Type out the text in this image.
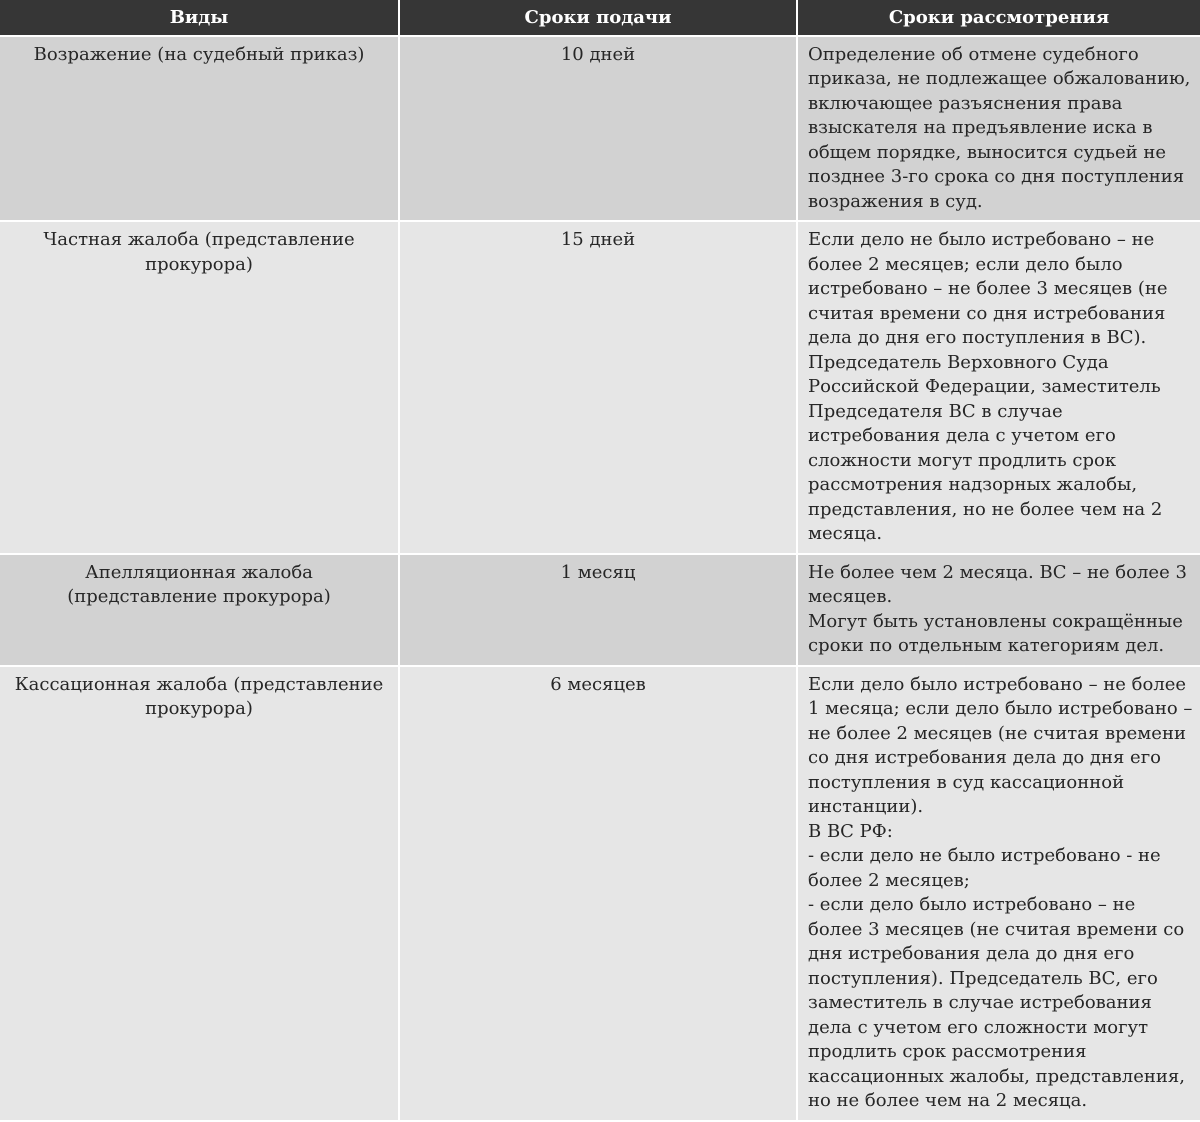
Виды	Сроки подачи	Сроки рассмотрения
Возражение (на судебный приказ)	10 дней	Определение об отмене судебного приказа, не подлежащее обжалованию, включающее разъяснения права взыскателя на предъявление иска в общем порядке, выносится судьей не позднее 3-го срока со дня поступления возражения в суд.

Частная жалоба (представление прокурора)	15 дней	Если дело не было истребовано – не более 2 месяцев; если дело было истребовано – не более 3 месяцев (не считая времени со дня истребования дела до дня его поступления в ВС).
Председатель Верховного Суда Российской Федерации, заместитель Председателя ВС в случае истребования дела с учетом его сложности могут продлить срок рассмотрения надзорных жалобы, представления, но не более чем на 2 месяца.

Апелляционная жалоба (представление прокурора)	1 месяц	Не более чем 2 месяца. ВС – не более 3 месяцев.
Могут быть установлены сокращённые сроки по отдельным категориям дел.

Кассационная жалоба (представление прокурора)	6 месяцев	Если дело было истребовано – не более 1 месяца; если дело было истребовано – не более 2 месяцев (не считая времени со дня истребования дела до дня его поступления в суд кассационной инстанции).
В ВС РФ:
- если дело не было истребовано - не более 2 месяцев;
- если дело было истребовано – не более 3 месяцев (не считая времени со дня истребования дела до дня его поступления). Председатель ВС, его заместитель в случае истребования дела с учетом его сложности могут продлить срок рассмотрения кассационных жалобы, представления, но не более чем на 2 месяца.
